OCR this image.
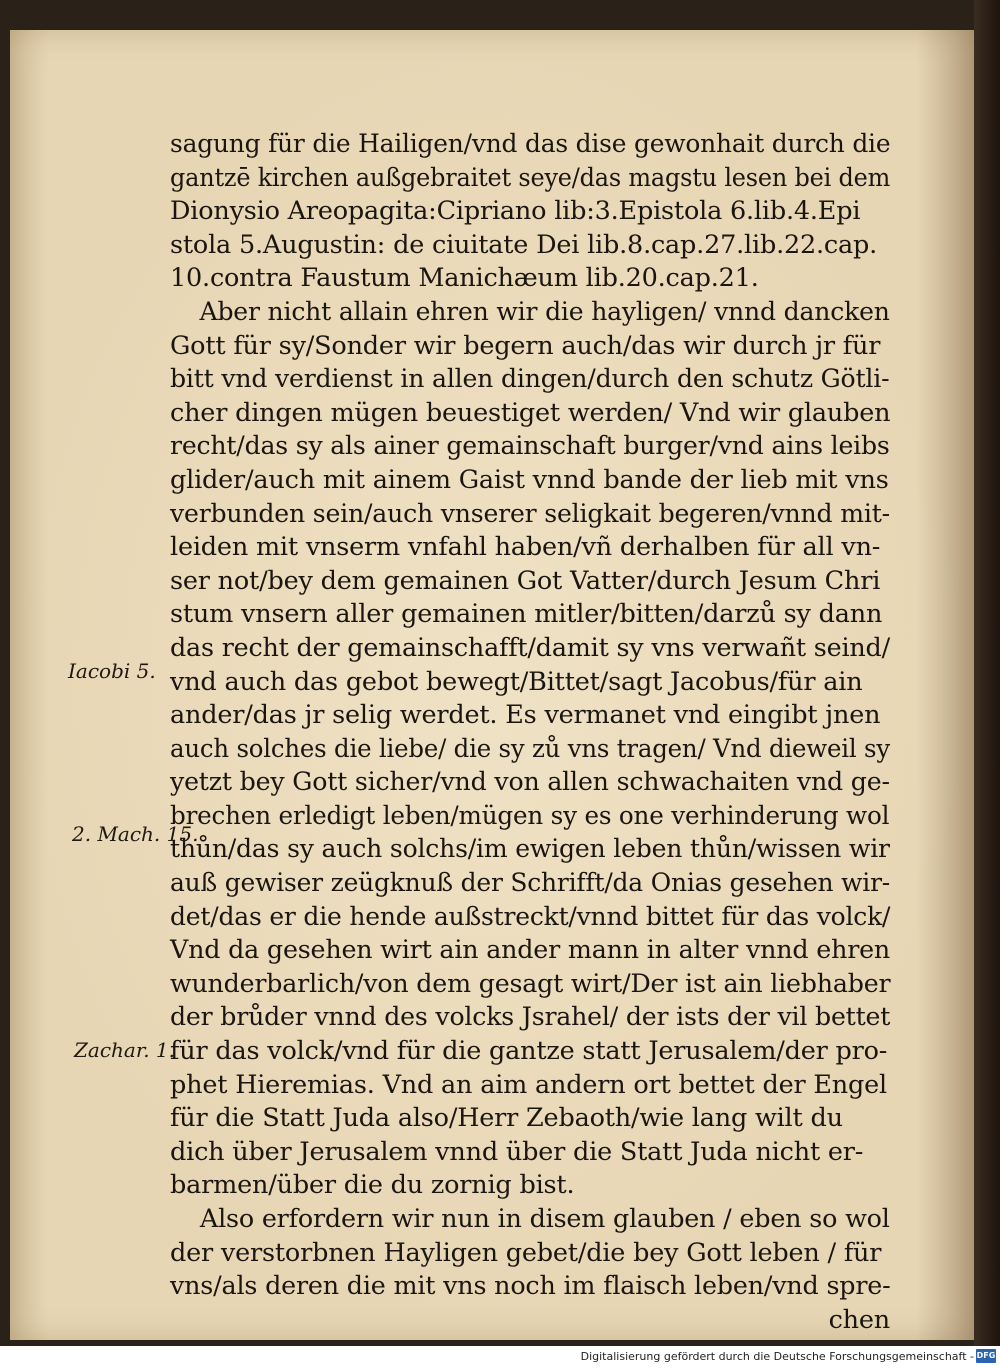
sagung für die Hailigen/vnd das dise gewonhait durch die
gantzē kirchen außgebraitet seye/das magstu lesen bei dem
Dionysio Areopagita:Cipriano lib:3.Epistola 6.lib.4.Epi
stola 5.Augustin: de ciuitate Dei lib.8.cap.27.lib.22.cap.
10.contra Faustum Manichæum lib.20.cap.21.
Aber nicht allain ehren wir die hayligen/ vnnd dancken
Gott für sy/Sonder wir begern auch/das wir durch jr für
bitt vnd verdienst in allen dingen/durch den schutz Götli-
cher dingen mügen beuestiget werden/ Vnd wir glauben
recht/das sy als ainer gemainschaft burger/vnd ains leibs
glider/auch mit ainem Gaist vnnd bande der lieb mit vns
verbunden sein/auch vnserer seligkait begeren/vnnd mit-
leiden mit vnserm vnfahl haben/vñ derhalben für all vn-
ser not/bey dem gemainen Got Vatter/durch Jesum Chri
stum vnsern aller gemainen mitler/bitten/darzů sy dann
das recht der gemainschafft/damit sy vns verwañt seind/
vnd auch das gebot bewegt/Bittet/sagt Jacobus/für ain
ander/das jr selig werdet. Es vermanet vnd eingibt jnen
auch solches die liebe/ die sy zů vns tragen/ Vnd dieweil sy
yetzt bey Gott sicher/vnd von allen schwachaiten vnd ge-
brechen erledigt leben/mügen sy es one verhinderung wol
thůn/das sy auch solchs/im ewigen leben thůn/wissen wir
auß gewiser zeügknuß der Schrifft/da Onias gesehen wir-
det/das er die hende außstreckt/vnnd bittet für das volck/
Vnd da gesehen wirt ain ander mann in alter vnnd ehren
wunderbarlich/von dem gesagt wirt/Der ist ain liebhaber
der brůder vnnd des volcks Jsrahel/ der ists der vil bettet
für das volck/vnd für die gantze statt Jerusalem/der pro-
phet Hieremias. Vnd an aim andern ort bettet der Engel
für die Statt Juda also/Herr Zebaoth/wie lang wilt du
dich über Jerusalem vnnd über die Statt Juda nicht er-
barmen/über die du zornig bist.
Also erfordern wir nun in disem glauben / eben so wol
der verstorbnen Hayligen gebet/die bey Gott leben / für
vns/als deren die mit vns noch im flaisch leben/vnd spre-
chen
Iacobi 5.
2. Mach. 15.
Zachar. 1.
Digitalisierung gefördert durch die Deutsche Forschungsgemeinschaft - DFG
